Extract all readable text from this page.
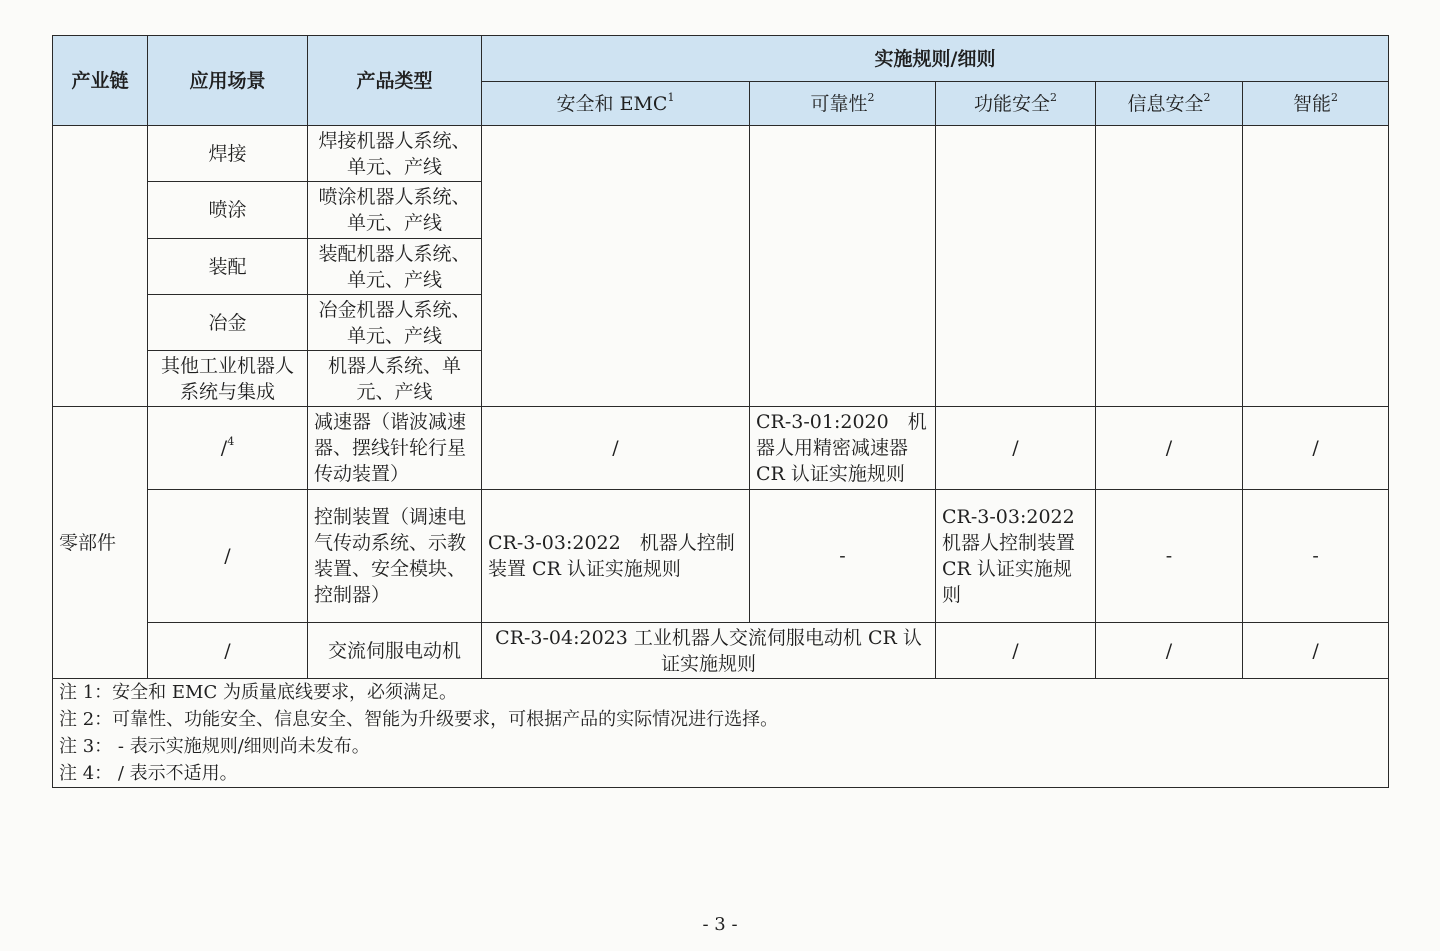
产业链	应用场景	产品类型	实施规则/细则				
			安全和 EMC$^1$	可靠性$^2$	功能安全$^2$	信息安全$^2$	智能$^2$
	焊接	焊接机器人系统、单元、产线					
	喷涂	喷涂机器人系统、单元、产线					
	装配	装配机器人系统、单元、产线					
	冶金	冶金机器人系统、单元、产线					
	其他工业机器人系统与集成	机器人系统、单元、产线					
零部件	/$^4$	减速器（谐波减速器、摆线针轮行星传动装置）	/	CR-3-01:2020　机器人用精密减速器 CR 认证实施规则	/	/	/
	/	控制装置（调速电气传动系统、示教装置、安全模块、控制器）	CR-3-03:2022　机器人控制装置 CR 认证实施规则	-	CR-3-03:2022 机器人控制装置 CR 认证实施规则	-	-
	/	交流伺服电动机	CR-3-04:2023 工业机器人交流伺服电动机 CR 认证实施规则		/	/	/

注 1：安全和 EMC 为质量底线要求，必须满足。
注 2：可靠性、功能安全、信息安全、智能为升级要求，可根据产品的实际情况进行选择。
注 3： - 表示实施规则/细则尚未发布。
注 4： / 表示不适用。							
- 3 -
